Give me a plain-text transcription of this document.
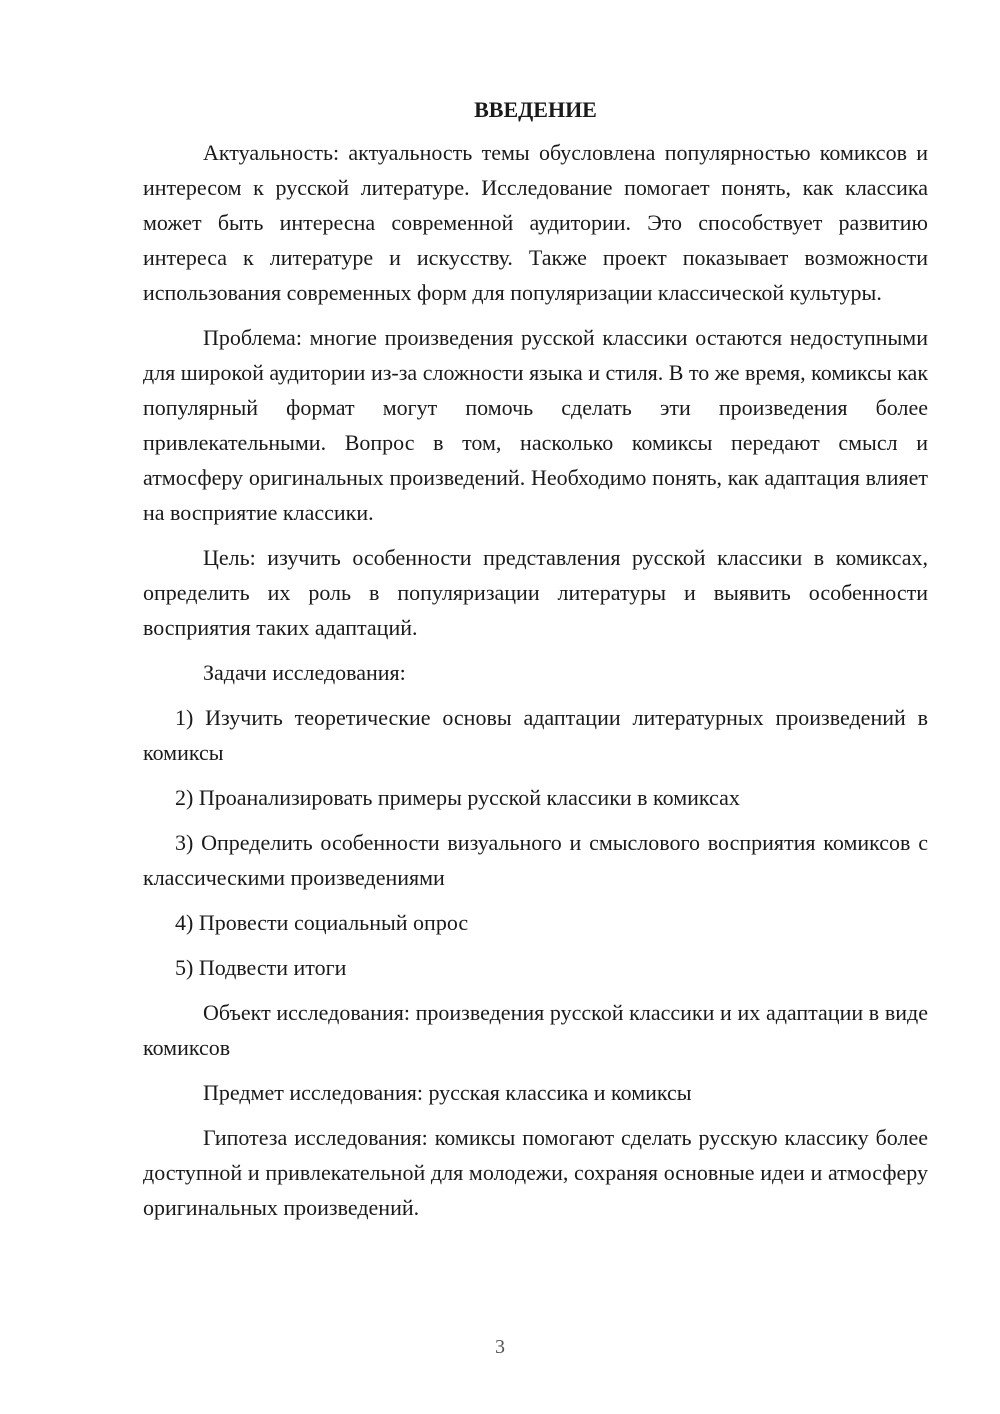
ВВЕДЕНИЕ

Актуальность: актуальность темы обусловлена популярностью комиксов и интересом к русской литературе. Исследование помогает понять, как классика может быть интересна современной аудитории. Это способствует развитию интереса к литературе и искусству. Также проект показывает возможности использования современных форм для популяризации классической культуры.

Проблема: многие произведения русской классики остаются недоступными для широкой аудитории из-за сложности языка и стиля. В то же время, комиксы как популярный формат могут помочь сделать эти произведения более привлекательными. Вопрос в том, насколько комиксы передают смысл и атмосферу оригинальных произведений. Необходимо понять, как адаптация влияет на восприятие классики.

Цель: изучить особенности представления русской классики в комиксах, определить их роль в популяризации литературы и выявить особенности восприятия таких адаптаций.

Задачи исследования:

1) Изучить теоретические основы адаптации литературных произведений в комиксы

2) Проанализировать примеры русской классики в комиксах

3) Определить особенности визуального и смыслового восприятия комиксов с классическими произведениями

4) Провести социальный опрос

5) Подвести итоги

Объект исследования: произведения русской классики и их адаптации в виде комиксов

Предмет исследования: русская классика и комиксы

Гипотеза исследования: комиксы помогают сделать русскую классику более доступной и привлекательной для молодежи, сохраняя основные идеи и атмосферу оригинальных произведений.

3
